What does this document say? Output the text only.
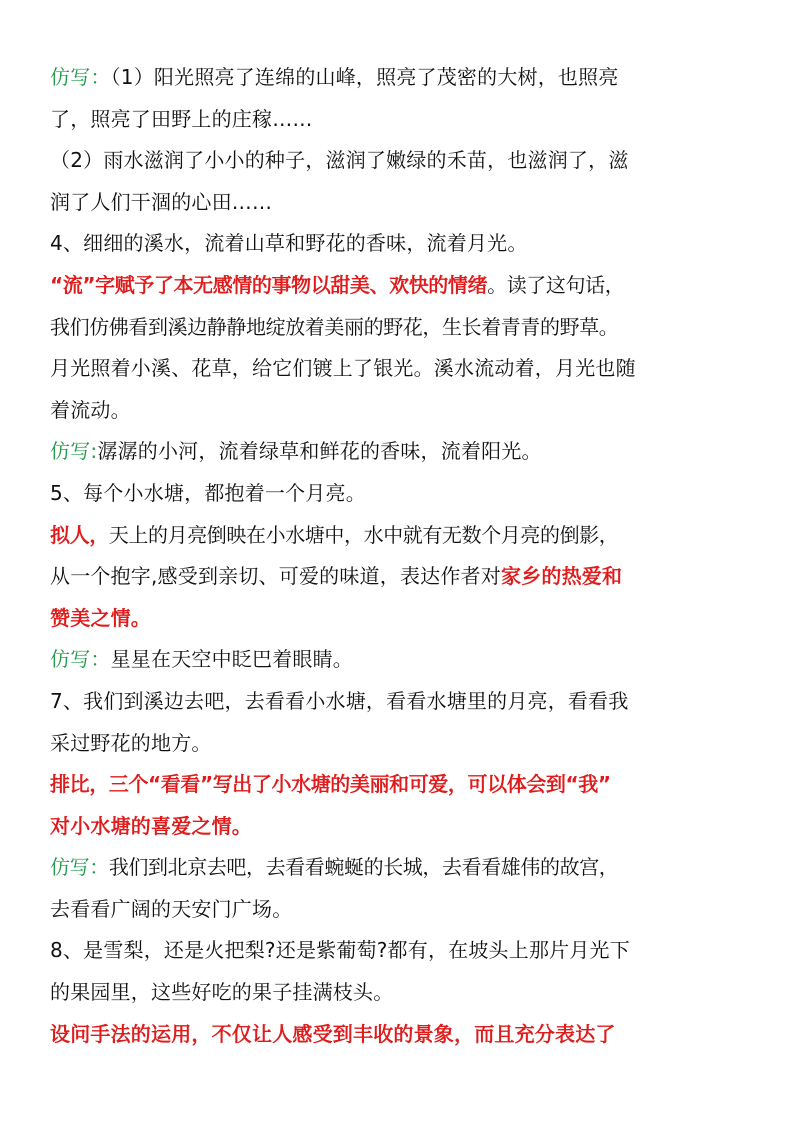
仿写：（1）阳光照亮了连绵的山峰，照亮了茂密的大树，也照亮
了，照亮了田野上的庄稼……
（2）雨水滋润了小小的种子，滋润了嫩绿的禾苗，也滋润了，滋
润了人们干涸的心田……
4、细细的溪水，流着山草和野花的香味，流着月光。
“流”字赋予了本无感情的事物以甜美、欢快的情绪。读了这句话，
我们仿佛看到溪边静静地绽放着美丽的野花，生长着青青的野草。
月光照着小溪、花草，给它们镀上了银光。溪水流动着，月光也随
着流动。
仿写:潺潺的小河，流着绿草和鲜花的香味，流着阳光。
5、每个小水塘，都抱着一个月亮。
拟人，天上的月亮倒映在小水塘中，水中就有无数个月亮的倒影，
从一个抱字,感受到亲切、可爱的味道，表达作者对家乡的热爱和
赞美之情。
仿写：星星在天空中眨巴着眼睛。
7、我们到溪边去吧，去看看小水塘，看看水塘里的月亮，看看我
采过野花的地方。
排比，三个“看看”写出了小水塘的美丽和可爱，可以体会到“我”
对小水塘的喜爱之情。
仿写：我们到北京去吧，去看看蜿蜒的长城，去看看雄伟的故宫，
去看看广阔的天安门广场。
8、是雪梨，还是火把梨?还是紫葡萄?都有，在坡头上那片月光下
的果园里，这些好吃的果子挂满枝头。
设问手法的运用，不仅让人感受到丰收的景象，而且充分表达了
